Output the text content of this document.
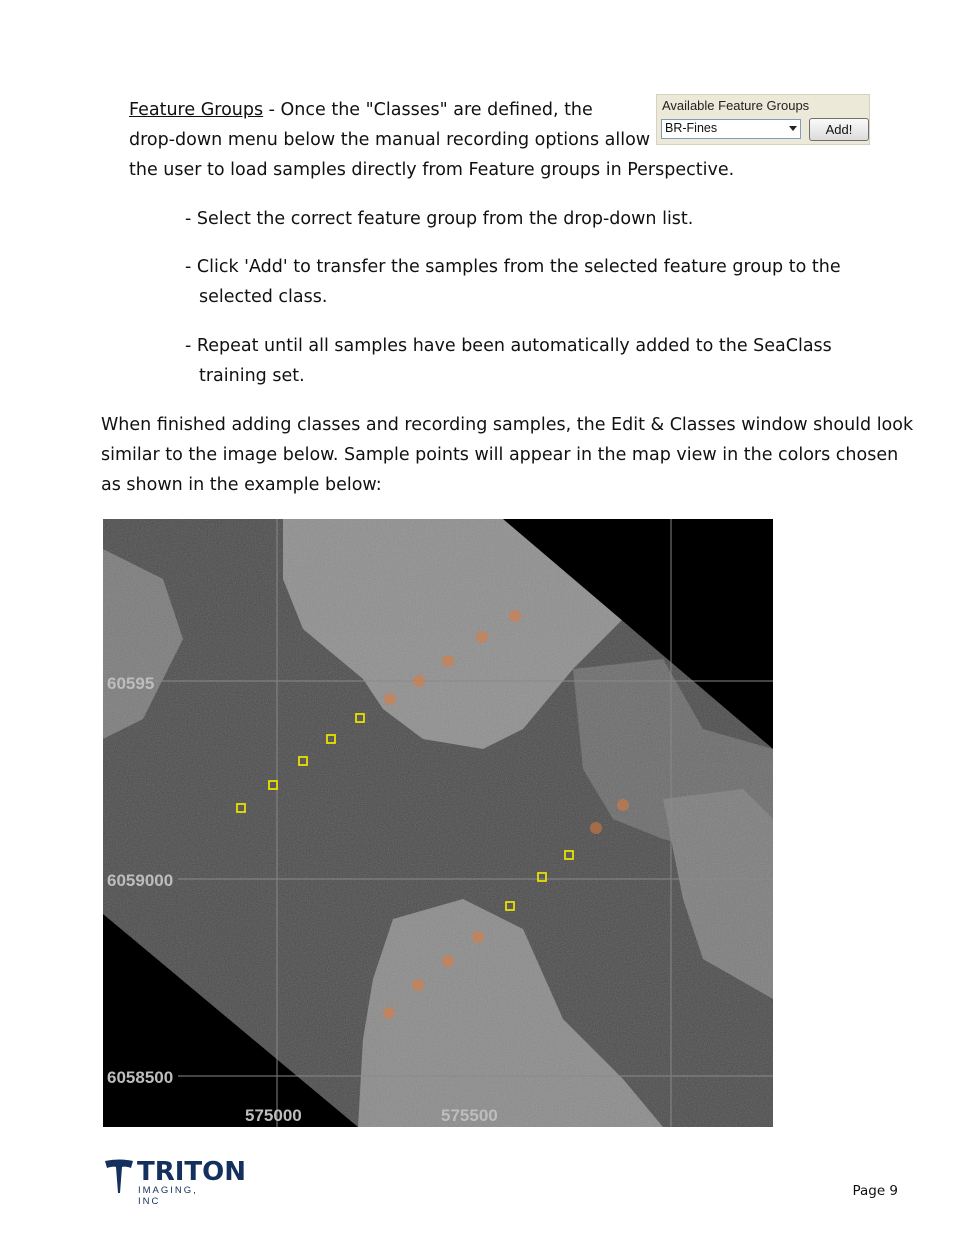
Feature Groups - Once the "Classes" are defined, the

drop-down menu below the manual recording options allow

the user to load samples directly from Feature groups in Perspective.

Available Feature Groups
BR-Fines	Add!

- Select the correct feature group from the drop-down list.

- Click 'Add' to transfer the samples from the selected feature group to the

selected class.

- Repeat until all samples have been automatically added to the SeaClass

training set.

When finished adding classes and recording samples, the Edit & Classes window should look

similar to the image below. Sample points will appear in the map view in the colors chosen

as shown in the example below:

60595
6059000
6058500
575000	575500
TRITON
IMAGING, INC
Page 9
